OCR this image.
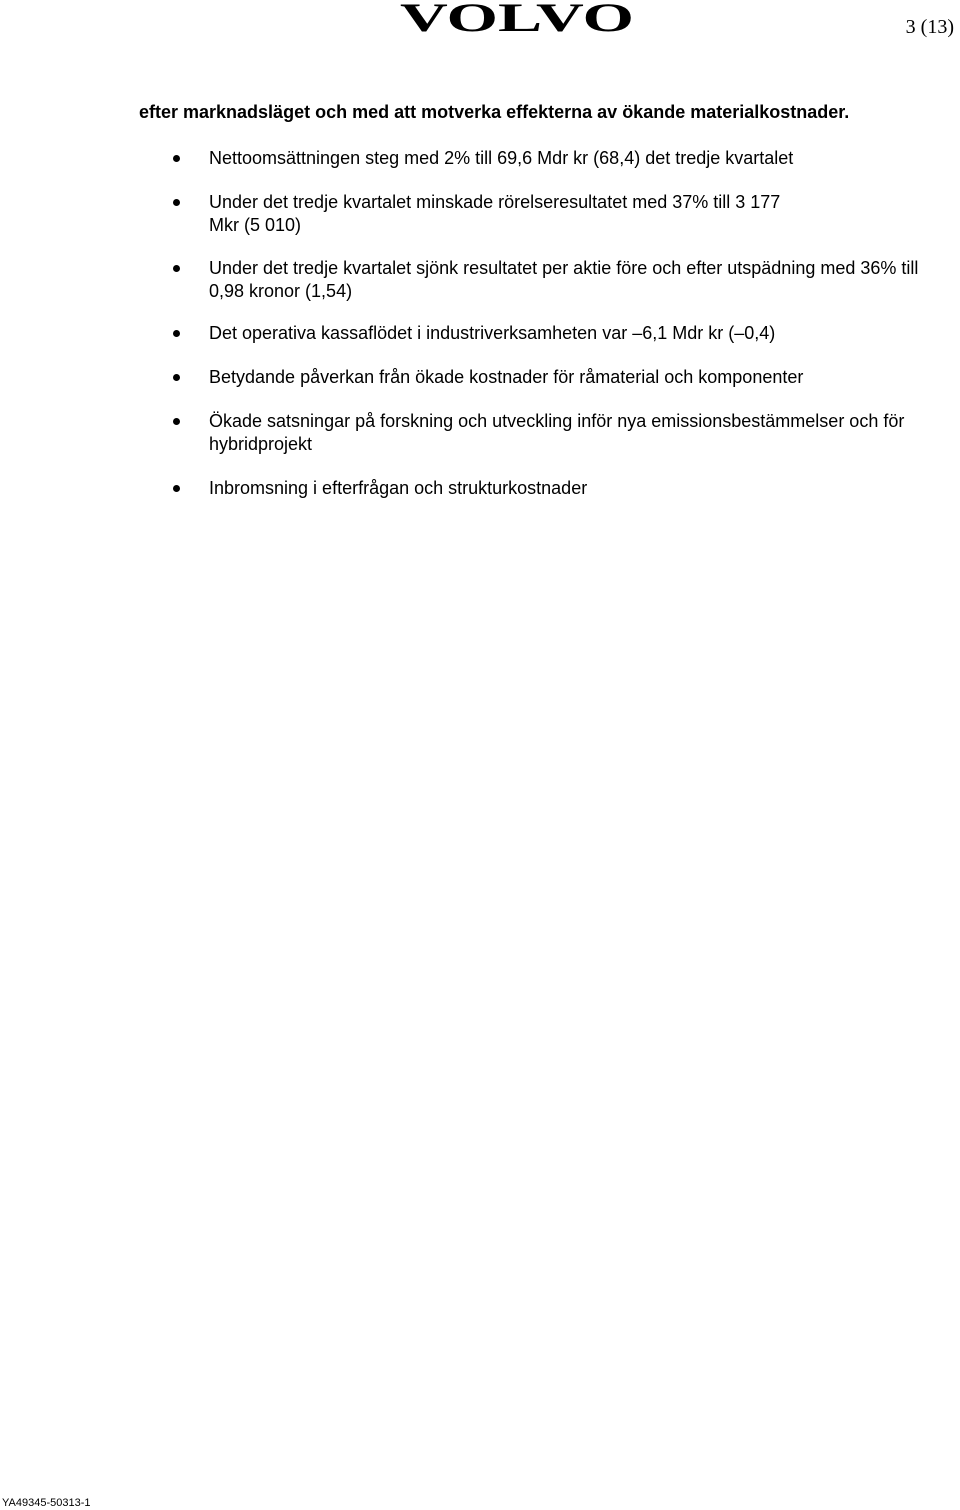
VOLVO	3 (13)
efter marknadsläget och med att motverka effekterna av ökande materialkostnader.
Nettoomsättningen steg med 2% till 69,6 Mdr kr (68,4) det tredje kvartalet
Under det tredje kvartalet minskade rörelseresultatet med 37% till 3 177 Mkr (5 010)
Under det tredje kvartalet sjönk resultatet per aktie före och efter utspädning med 36% till 0,98 kronor (1,54)
Det operativa kassaflödet i industriverksamheten var –6,1 Mdr kr (–0,4)
Betydande påverkan från ökade kostnader för råmaterial och komponenter
Ökade satsningar på forskning och utveckling inför nya emissionsbestämmelser och för hybridprojekt
Inbromsning i efterfrågan och strukturkostnader
YA49345-50313-1
